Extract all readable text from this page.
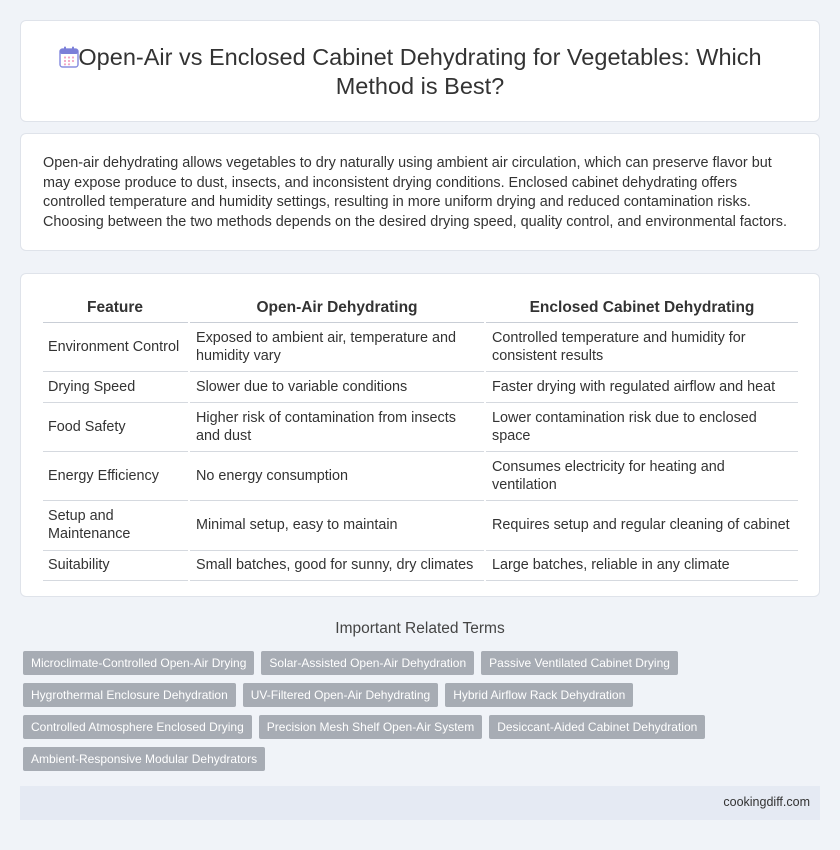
Open-Air vs Enclosed Cabinet Dehydrating for Vegetables: Which Method is Best?

Open-air dehydrating allows vegetables to dry naturally using ambient air circulation, which can preserve flavor but may expose produce to dust, insects, and inconsistent drying conditions. Enclosed cabinet dehydrating offers controlled temperature and humidity settings, resulting in more uniform drying and reduced contamination risks. Choosing between the two methods depends on the desired drying speed, quality control, and environmental factors.

Feature	Open-Air Dehydrating	Enclosed Cabinet Dehydrating
Environment Control	Exposed to ambient air, temperature and humidity vary	Controlled temperature and humidity for consistent results
Drying Speed	Slower due to variable conditions	Faster drying with regulated airflow and heat
Food Safety	Higher risk of contamination from insects and dust	Lower contamination risk due to enclosed space
Energy Efficiency	No energy consumption	Consumes electricity for heating and ventilation
Setup and Maintenance	Minimal setup, easy to maintain	Requires setup and regular cleaning of cabinet
Suitability	Small batches, good for sunny, dry climates	Large batches, reliable in any climate
Important Related Terms
Microclimate-Controlled Open-Air Drying	Solar-Assisted Open-Air Dehydration	Passive Ventilated Cabinet Drying
Hygrothermal Enclosure Dehydration	UV-Filtered Open-Air Dehydrating	Hybrid Airflow Rack Dehydration
Controlled Atmosphere Enclosed Drying	Precision Mesh Shelf Open-Air System	Desiccant-Aided Cabinet Dehydration
Ambient-Responsive Modular Dehydrators
cookingdiff.com
